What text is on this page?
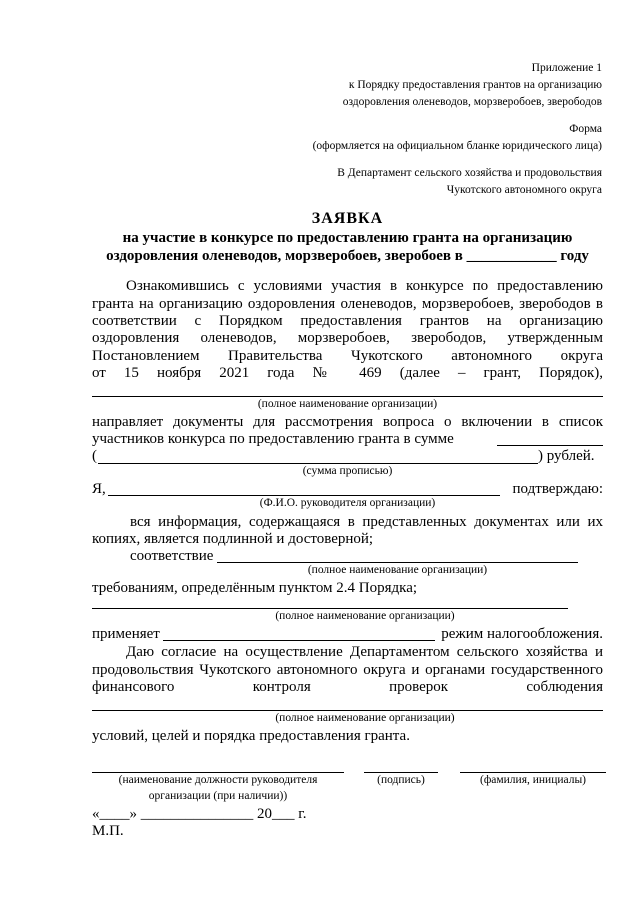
Приложение 1
к Порядку предоставления грантов на организацию
оздоровления оленеводов, морзверобоев, зверободов
Форма
(оформляется на официальном бланке юридического лица)
В Департамент сельского хозяйства и продовольствия
Чукотского автономного округа
ЗАЯВКА
на участие в конкурсе по предоставлению гранта на организацию
оздоровления оленеводов, морзверобоев, зверобоев в ____________ году
Ознакомившись с условиями участия в конкурсе по предоставлению
гранта на организацию оздоровления оленеводов, морзверобоев, зверободов в
соответствии с Порядком предоставления грантов на организацию
оздоровления оленеводов, морзверобоев, зверободов, утвержденным
Постановлением Правительства Чукотского автономного округа
от 15 ноября 2021 года № 469 (далее – грант, Порядок),
(полное наименование организации)
направляет документы для рассмотрения вопроса о включении в список
участников конкурса по предоставлению гранта в сумме
(	) рублей.
(сумма прописью)
Я,	подтверждаю:
(Ф.И.О. руководителя организации)
вся информация, содержащаяся в представленных документах или их
копиях, является подлинной и достоверной;
соответствие
(полное наименование организации)
требованиям, определённым пунктом 2.4 Порядка;
(полное наименование организации)
применяет	режим налогообложения.
Даю согласие на осуществление Департаментом сельского хозяйства и
продовольствия Чукотского автономного округа и органами государственного
финансового контроля проверок соблюдения
(полное наименование организации)
условий, целей и порядка предоставления гранта.
(наименование должности руководителя
организации (при наличии))
(подпись)	(фамилия, инициалы)
«____» _______________ 20___ г.
М.П.
